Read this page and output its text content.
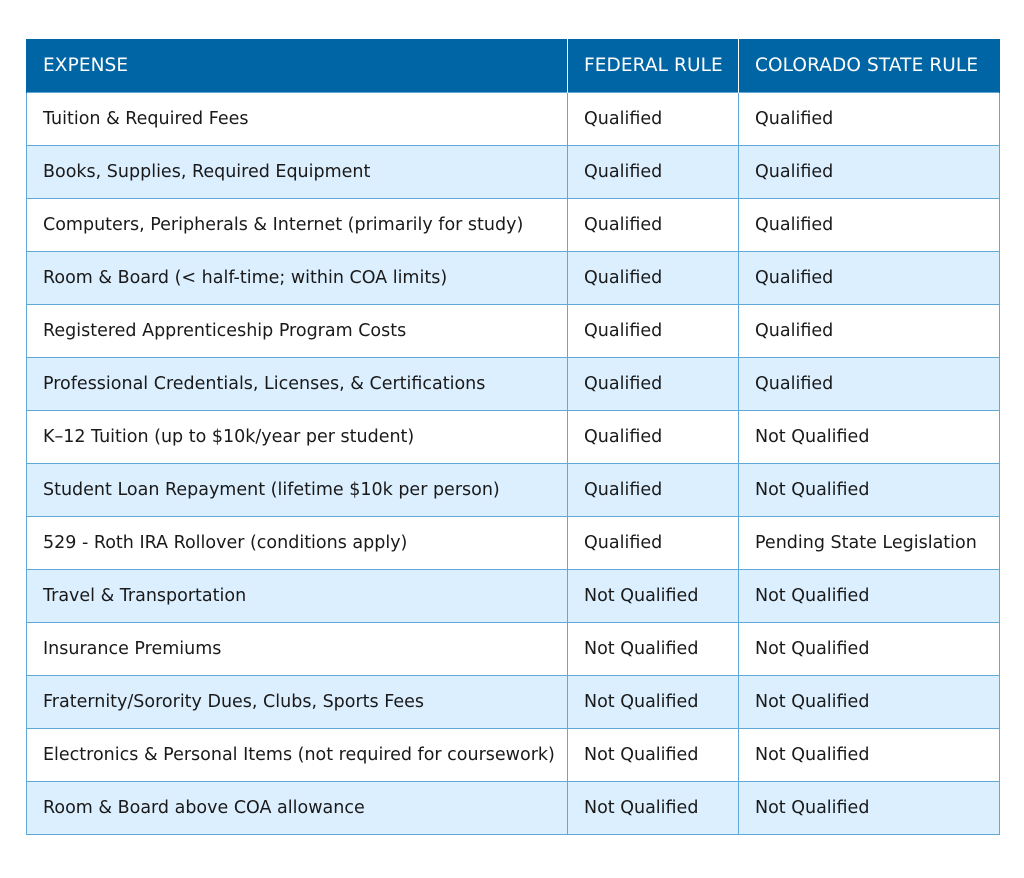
EXPENSE	FEDERAL RULE	COLORADO STATE RULE
Tuition & Required Fees	Qualified	Qualified
Books, Supplies, Required Equipment	Qualified	Qualified
Computers, Peripherals & Internet (primarily for study)	Qualified	Qualified
Room & Board (< half-time; within COA limits)	Qualified	Qualified
Registered Apprenticeship Program Costs	Qualified	Qualified
Professional Credentials, Licenses, & Certifications	Qualified	Qualified
K–12 Tuition (up to $10k/year per student)	Qualified	Not Qualified
Student Loan Repayment (lifetime $10k per person)	Qualified	Not Qualified
529 - Roth IRA Rollover (conditions apply)	Qualified	Pending State Legislation
Travel & Transportation	Not Qualified	Not Qualified
Insurance Premiums	Not Qualified	Not Qualified
Fraternity/Sorority Dues, Clubs, Sports Fees	Not Qualified	Not Qualified
Electronics & Personal Items (not required for coursework)	Not Qualified	Not Qualified
Room & Board above COA allowance	Not Qualified	Not Qualified
